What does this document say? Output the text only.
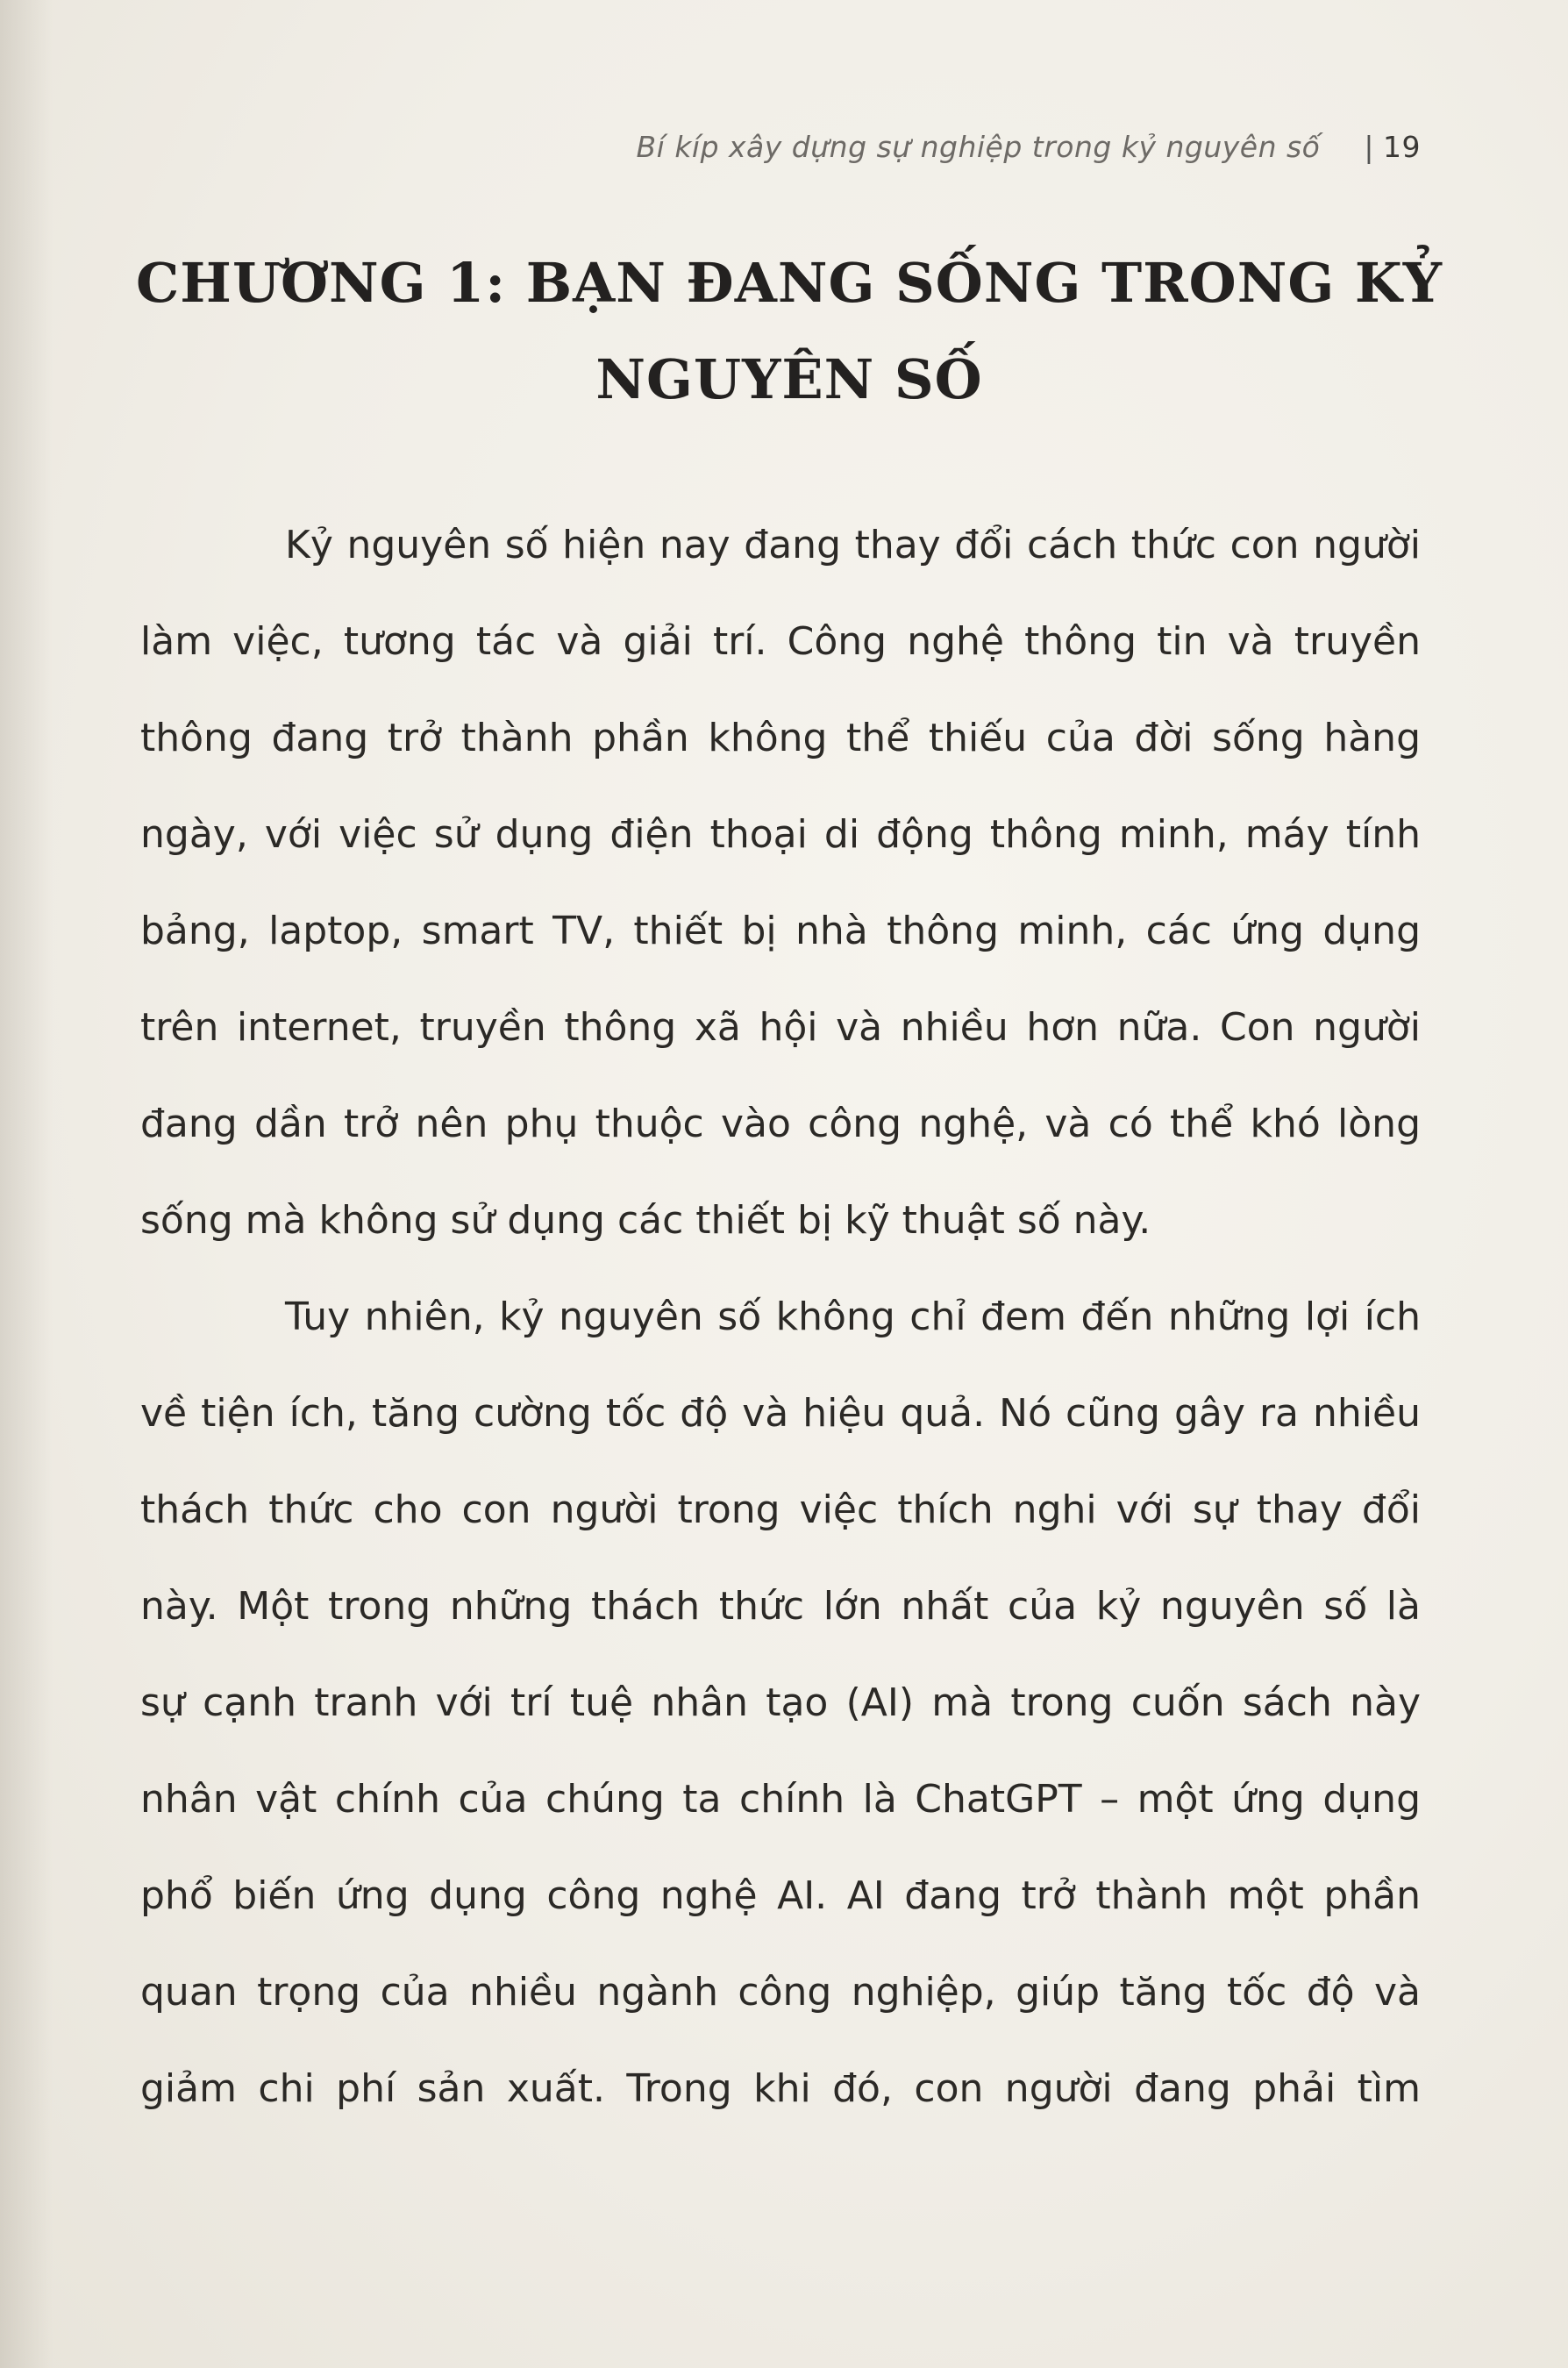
Bí kíp xây dựng sự nghiệp trong kỷ nguyên số | 19
CHƯƠNG 1: BẠN ĐANG SỐNG TRONG KỶ
NGUYÊN SỐ
Kỷ nguyên số hiện nay đang thay đổi cách thức con người
làm việc, tương tác và giải trí. Công nghệ thông tin và truyền
thông đang trở thành phần không thể thiếu của đời sống hàng
ngày, với việc sử dụng điện thoại di động thông minh, máy tính
bảng, laptop, smart TV, thiết bị nhà thông minh, các ứng dụng
trên internet, truyền thông xã hội và nhiều hơn nữa. Con người
đang dần trở nên phụ thuộc vào công nghệ, và có thể khó lòng
sống mà không sử dụng các thiết bị kỹ thuật số này.
Tuy nhiên, kỷ nguyên số không chỉ đem đến những lợi ích
về tiện ích, tăng cường tốc độ và hiệu quả. Nó cũng gây ra nhiều
thách thức cho con người trong việc thích nghi với sự thay đổi
này. Một trong những thách thức lớn nhất của kỷ nguyên số là
sự cạnh tranh với trí tuệ nhân tạo (AI) mà trong cuốn sách này
nhân vật chính của chúng ta chính là ChatGPT – một ứng dụng
phổ biến ứng dụng công nghệ AI. AI đang trở thành một phần
quan trọng của nhiều ngành công nghiệp, giúp tăng tốc độ và
giảm chi phí sản xuất. Trong khi đó, con người đang phải tìm
